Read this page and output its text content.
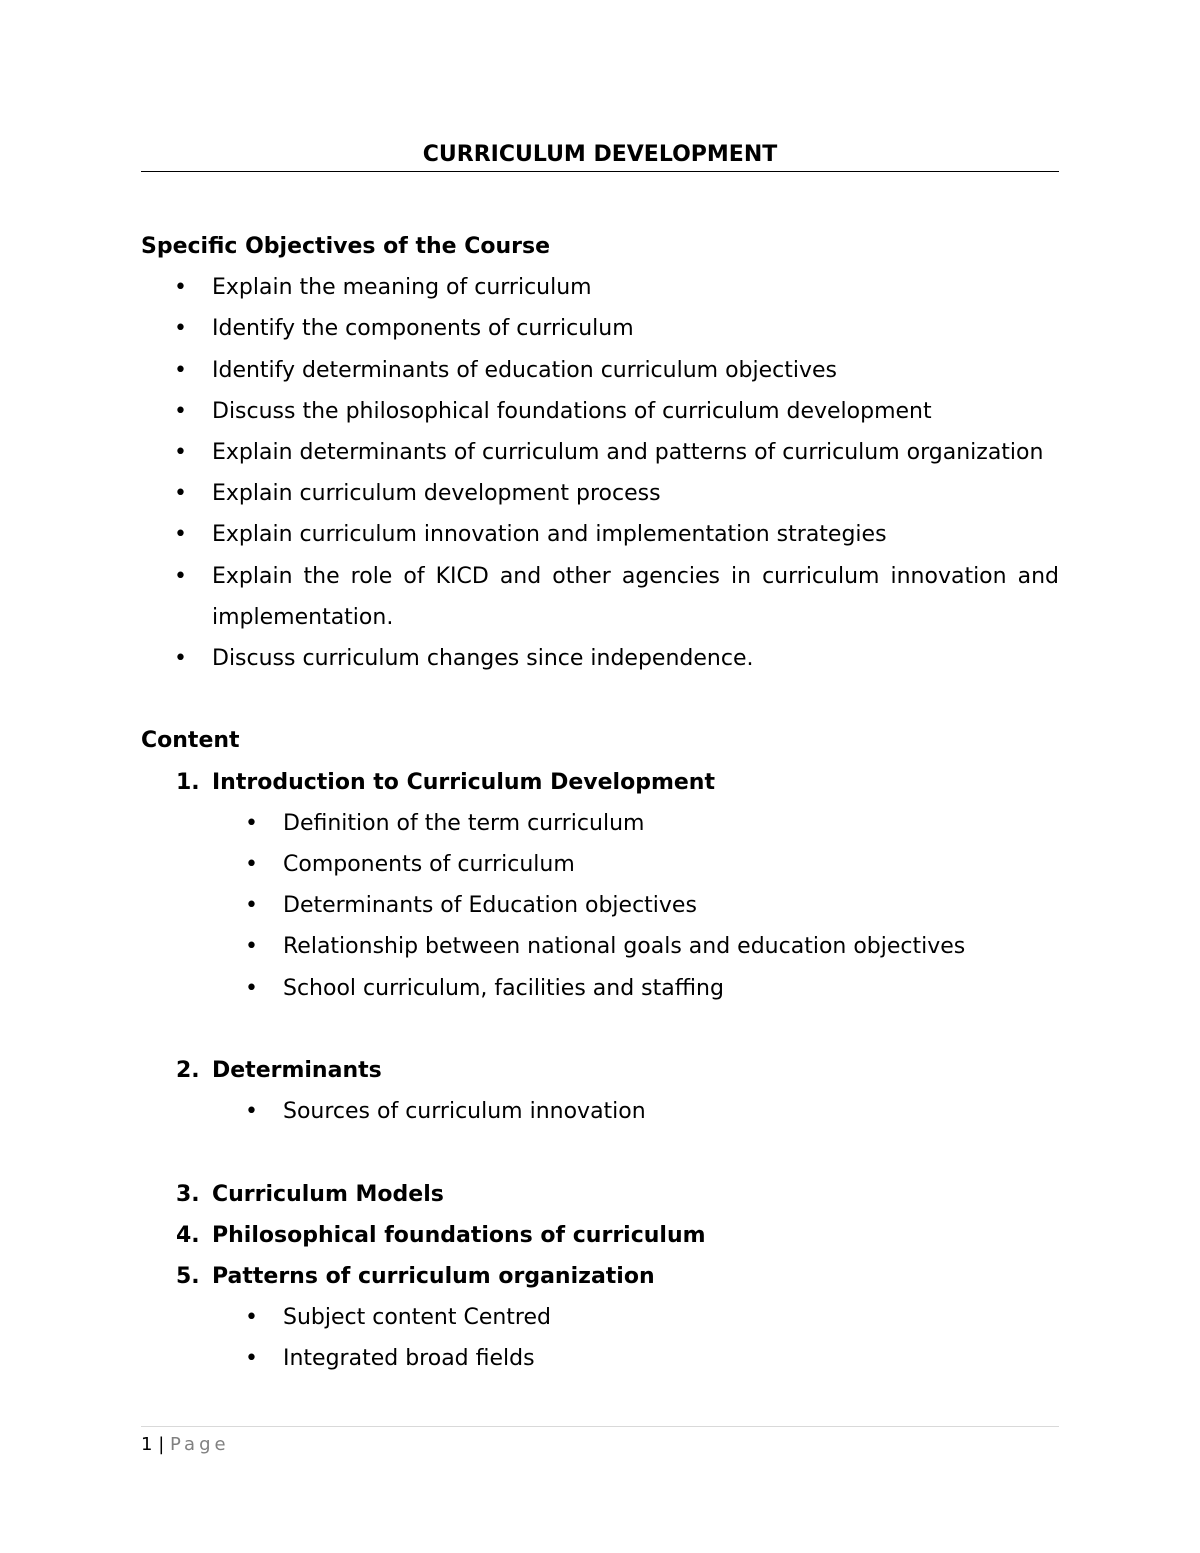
CURRICULUM DEVELOPMENT

Specific Objectives of the Course

• Explain the meaning of curriculum
• Identify the components of curriculum
• Identify determinants of education curriculum objectives
• Discuss the philosophical foundations of curriculum development
• Explain determinants of curriculum and patterns of curriculum organization
• Explain curriculum development process
• Explain curriculum innovation and implementation strategies
• Explain the role of KICD and other agencies in curriculum innovation and implementation.
• Discuss curriculum changes since independence.

Content

1. Introduction to Curriculum Development
• Definition of the term curriculum
• Components of curriculum
• Determinants of Education objectives
• Relationship between national goals and education objectives
• School curriculum, facilities and staffing
2. Determinants
• Sources of curriculum innovation
3. Curriculum Models
4. Philosophical foundations of curriculum
5. Patterns of curriculum organization
• Subject content Centred
• Integrated broad fields
1 | Page
